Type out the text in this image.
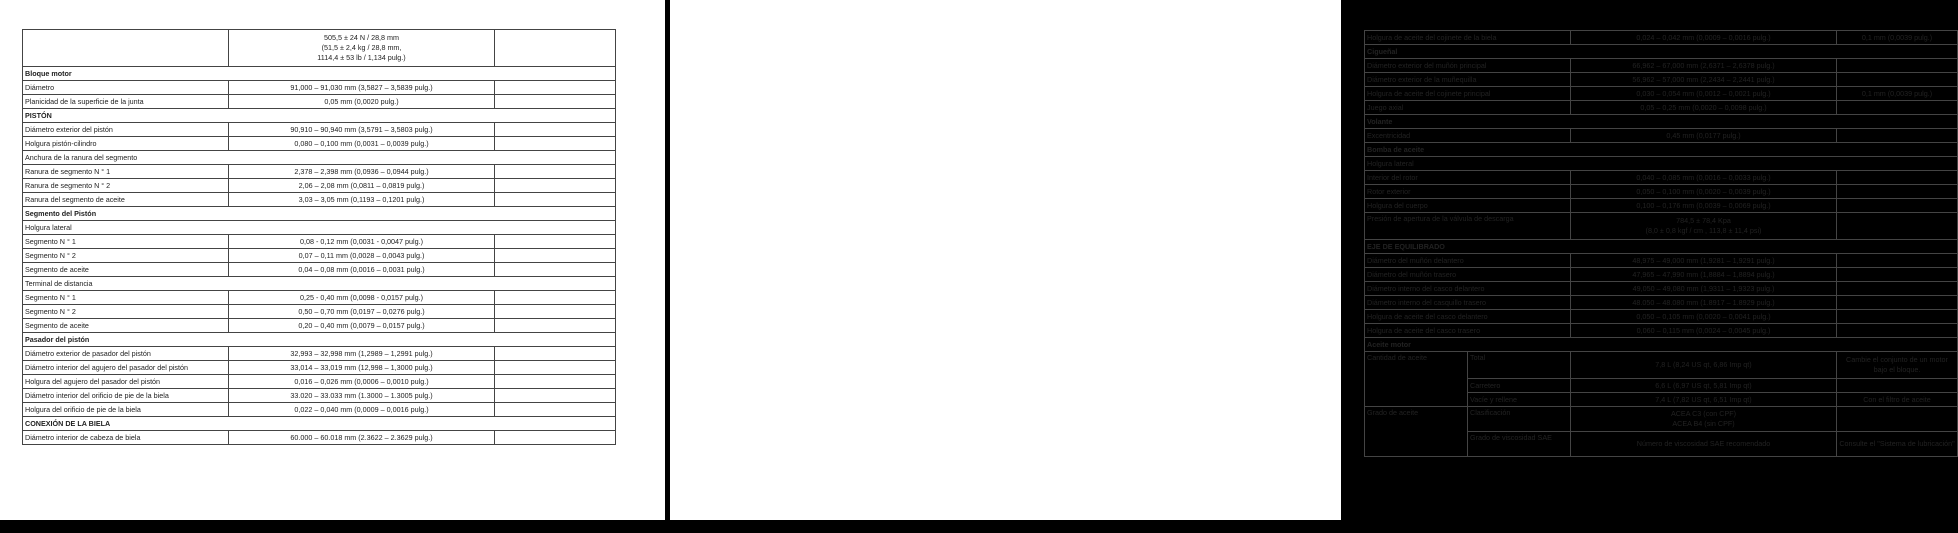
	505,5 ± 24 N / 28,8 mm
(51,5 ± 2,4 kg / 28,8 mm,
1114,4 ± 53 lb / 1,134 pulg.)	

Bloque motor		
Diámetro	91,000 – 91,030 mm (3,5827 – 3,5839 pulg.)	
Planicidad de la superficie de la junta	0,05 mm (0,0020 pulg.)	
PISTÓN		
Diámetro exterior del pistón	90,910 – 90,940 mm (3,5791 – 3,5803 pulg.)	
Holgura pistón-cilindro	0,080 – 0,100 mm (0,0031 – 0,0039 pulg.)	
Anchura de la ranura del segmento		
Ranura de segmento N ° 1	2,378 – 2,398 mm (0,0936 – 0,0944 pulg.)	
Ranura de segmento N ° 2	2,06 – 2,08 mm (0,0811 – 0,0819 pulg.)	
Ranura del segmento de aceite	3,03 – 3,05 mm (0,1193 – 0,1201 pulg.)	
Segmento del Pistón		
Holgura lateral		
Segmento N ° 1	0,08 - 0,12 mm (0,0031 - 0,0047 pulg.)	
Segmento N ° 2	0,07 – 0,11 mm (0,0028 – 0,0043 pulg.)	
Segmento de aceite	0,04 – 0,08 mm (0,0016 – 0,0031 pulg.)	
Terminal de distancia		
Segmento N ° 1	0,25 - 0,40 mm (0,0098 - 0,0157 pulg.)	
Segmento N ° 2	0,50 – 0,70 mm (0,0197 – 0,0276 pulg.)	
Segmento de aceite	0,20 – 0,40 mm (0,0079 – 0,0157 pulg.)	
Pasador del pistón		
Diámetro exterior de pasador del pistón	32,993 – 32,998 mm (1,2989 – 1,2991 pulg.)	
Diámetro interior del agujero del pasador del pistón	33,014 – 33,019 mm (12,998 – 1,3000 pulg.)	
Holgura del agujero del pasador del pistón	0,016 – 0,026 mm (0,0006 – 0,0010 pulg.)	
Diámetro interior del orificio de pie de la biela	33.020 – 33.033 mm (1.3000 – 1.3005 pulg.)	
Holgura del orificio de pie de la biela	0,022 – 0,040 mm (0,0009 – 0,0016 pulg.)	
CONEXIÓN DE LA BIELA		
Diámetro interior de cabeza de biela	60.000 – 60.018 mm (2.3622 – 2.3629 pulg.)	
Holgura de aceite del cojinete de la biela		0,024 – 0,042 mm (0,0009 – 0,0016 pulg.)	0,1 mm (0,0039 pulg.)
Cigueñal			
Diámetro exterior del muñón principal		66,962 – 67,000 mm (2,6371 – 2,6378 pulg.)	
Diámetro exterior de la muñequilla		56,962 – 57,000 mm (2,2434 – 2,2441 pulg.)	
Holgura de aceite del cojinete principal		0,030 – 0,054 mm (0,0012 – 0,0021 pulg.)	0,1 mm (0,0039 pulg.)
Juego axial		0,05 – 0,25 mm (0,0020 – 0,0098 pulg.)	
Volante			
Excentricidad		0,45 mm (0,0177 pulg.)	
Bomba de aceite			
Holgura lateral			
Interior del rotor		0,040 – 0,085 mm (0,0016 – 0,0033 pulg.)	
Rotor exterior		0,050 – 0,100 mm (0,0020 – 0,0039 pulg.)	
Holgura del cuerpo		0,100 – 0,176 mm (0,0039 – 0,0069 pulg.)	
Presión de apertura de la válvula de descarga		784,5 ± 78,4 Kpa
(8,0 ± 0,8 kgf / cm , 113,8 ± 11,4 psi)	

EJE DE EQUILIBRADO			
Diámetro del muñón delantero		48,975 – 49,000 mm (1,9281 – 1,9291 pulg.)	
Diámetro del muñón trasero		47,965 – 47,990 mm (1,8884 – 1,8894 pulg.)	
Diámetro interno del casco delantero		49,050 – 49,080 mm (1,9311 – 1,9323 pulg.)	
Diámetro interno del casquillo trasero		48.050 – 48.080 mm (1.8917 – 1.8929 pulg.)	
Holgura de aceite del casco delantero		0,050 – 0,105 mm (0,0020 – 0,0041 pulg.)	
Holgura de aceite del casco trasero		0,060 – 0,115 mm (0,0024 – 0,0045 pulg.)	
Aceite motor			
Cantidad de aceite	Total	7,8 L (8,24 US qt, 6,86 Imp qt)	Cambie el conjunto de un motor bajo el bloque.
	Carretero	6,6 L (6,97 US qt, 5,81 Imp qt)	
	Vacíe y rellene	7,4 L (7,82 US qt, 6,51 Imp qt)	Con el filtro de aceite
Grado de aceite	Clasificación	ACEA C3 (con CPF)
ACEA B4 (sin CPF)	

	Grado de viscosidad SAE	Número de viscosidad SAE recomendado	Consulte el "Sistema de lubricación"
